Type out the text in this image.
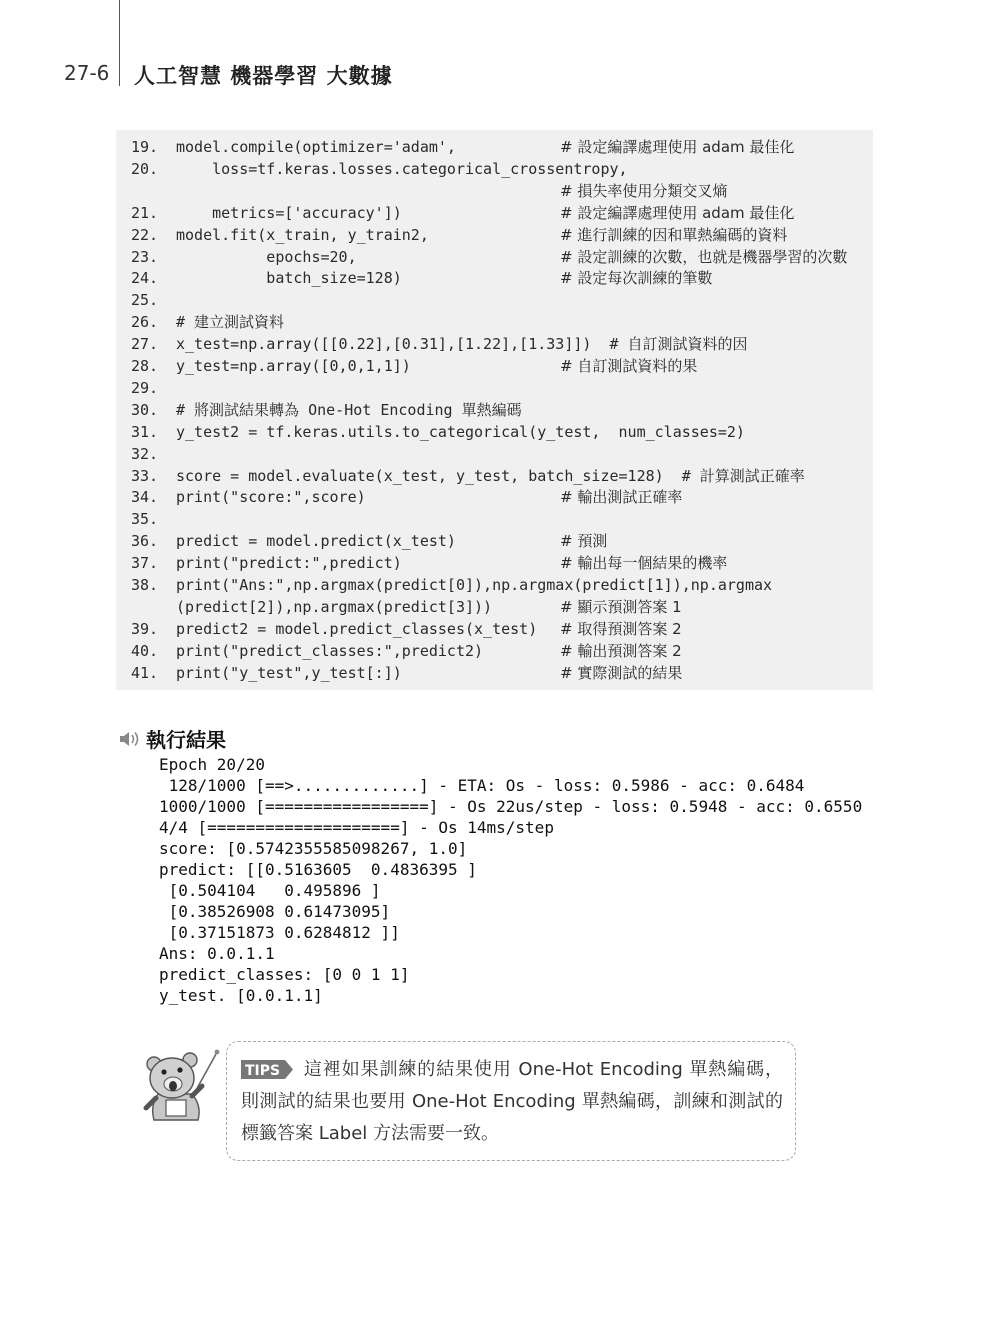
27-6 人工智慧 機器學習 大數據
19. model.compile(optimizer='adam',	# 設定編譯處理使用 adam 最佳化
20. loss=tf.keras.losses.categorical_crossentropy,
# 損失率使用分類交叉熵
21. metrics=['accuracy'])	# 設定編譯處理使用 adam 最佳化
22. model.fit(x_train, y_train2,	# 進行訓練的因和單熱編碼的資料
23. epochs=20,	# 設定訓練的次數，也就是機器學習的次數
24. batch_size=128)	# 設定每次訓練的筆數
25.
26. # 建立測試資料
27. x_test=np.array([[0.22],[0.31],[1.22],[1.33]])  # 自訂測試資料的因
28. y_test=np.array([0,0,1,1])	# 自訂測試資料的果
29.
30. # 將測試結果轉為 One-Hot Encoding 單熱編碼
31. y_test2 = tf.keras.utils.to_categorical(y_test,  num_classes=2)
32.
33. score = model.evaluate(x_test, y_test, batch_size=128)  # 計算測試正確率
34. print("score:",score)	# 輸出測試正確率
35.
36. predict = model.predict(x_test)	# 預測
37. print("predict:",predict)	# 輸出每一個結果的機率
38. print("Ans:",np.argmax(predict[0]),np.argmax(predict[1]),np.argmax
(predict[2]),np.argmax(predict[3]))	# 顯示預測答案 1
39. predict2 = model.predict_classes(x_test) # 取得預測答案 2
40. print("predict_classes:",predict2)	# 輸出預測答案 2
41. print("y_test",y_test[:])	# 實際測試的結果
執行結果
Epoch 20/20
128/1000 [==>.............] - ETA: Os - loss: 0.5986 - acc: 0.6484
1000/1000 [=================] - Os 22us/step - loss: 0.5948 - acc: 0.6550
4/4 [====================] - Os 14ms/step
score: [0.5742355585098267, 1.0]
predict: [[0.5163605  0.4836395 ]
[0.504104   0.495896 ]
[0.38526908 0.61473095]
[0.37151873 0.6284812 ]]
Ans: 0.0.1.1
predict_classes: [0 0 1 1]
y_test. [0.0.1.1]
TIPS	這裡如果訓練的結果使用 One-Hot Encoding 單熱編碼，則測試的結果也要用 One-Hot Encoding 單熱編碼，訓練和測試的標籤答案 Label 方法需要一致。
